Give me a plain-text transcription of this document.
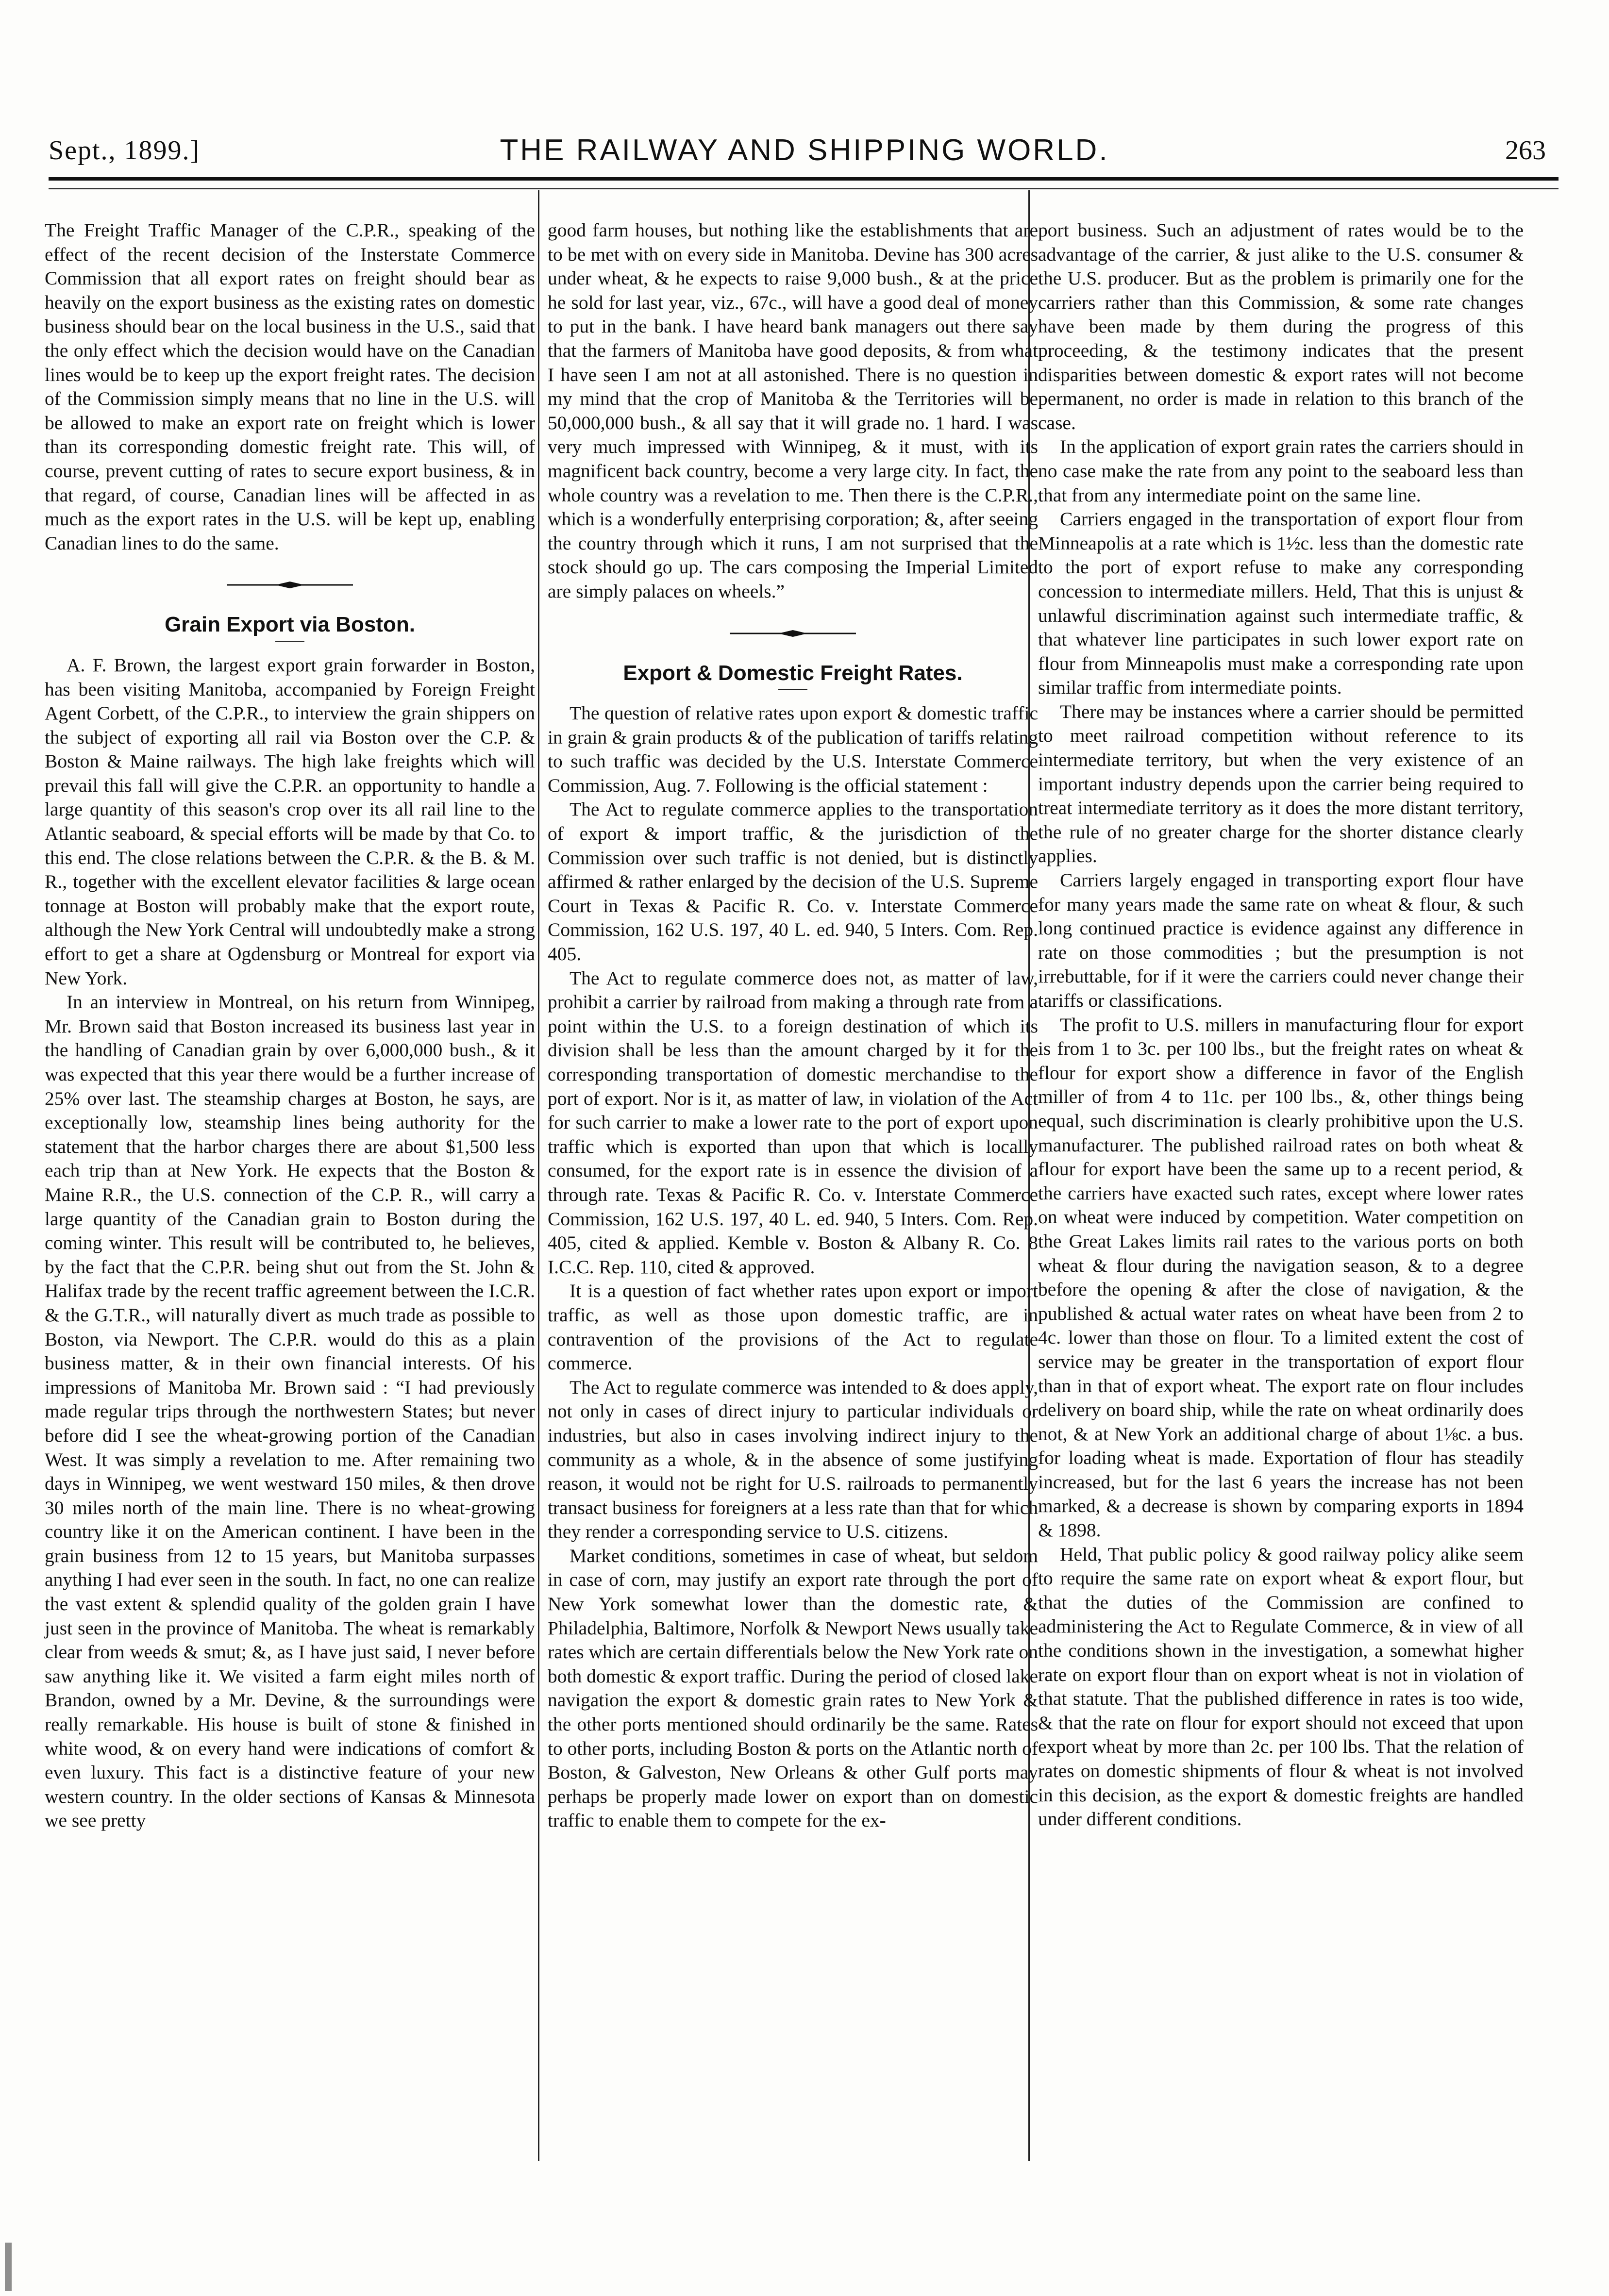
Sept., 1899.]	THE RAILWAY AND SHIPPING WORLD.	263

The Freight Traffic Manager of the C.P.R., speaking of the effect of the recent decision of the Insterstate Commerce Commission that all export rates on freight should bear as heavily on the export business as the existing rates on domestic business should bear on the local business in the U.S., said that the only effect which the decision would have on the Canadian lines would be to keep up the export freight rates. The decision of the Commission simply means that no line in the U.S. will be allowed to make an export rate on freight which is lower than its corresponding domestic freight rate. This will, of course, prevent cutting of rates to secure export business, & in that regard, of course, Canadian lines will be affected in as much as the export rates in the U.S. will be kept up, enabling Canadian lines to do the same.

Grain Export via Boston.

A. F. Brown, the largest export grain forwarder in Boston, has been visiting Manitoba, accompanied by Foreign Freight Agent Corbett, of the C.P.R., to interview the grain shippers on the subject of exporting all rail via Boston over the C.P. & Boston & Maine railways. The high lake freights which will prevail this fall will give the C.P.R. an opportunity to handle a large quantity of this season's crop over its all rail line to the Atlantic seaboard, & special efforts will be made by that Co. to this end. The close relations between the C.P.R. & the B. & M. R., together with the excellent elevator facilities & large ocean tonnage at Boston will probably make that the export route, although the New York Central will undoubtedly make a strong effort to get a share at Ogdensburg or Montreal for export via New York.

In an interview in Montreal, on his return from Winnipeg, Mr. Brown said that Boston increased its business last year in the handling of Canadian grain by over 6,000,000 bush., & it was expected that this year there would be a further increase of 25% over last. The steamship charges at Boston, he says, are exceptionally low, steamship lines being authority for the statement that the harbor charges there are about $1,500 less each trip than at New York. He expects that the Boston & Maine R.R., the U.S. connection of the C.P. R., will carry a large quantity of the Canadian grain to Boston during the coming winter. This result will be contributed to, he believes, by the fact that the C.P.R. being shut out from the St. John & Halifax trade by the recent traffic agreement between the I.C.R. & the G.T.R., will naturally divert as much trade as possible to Boston, via Newport. The C.P.R. would do this as a plain business matter, & in their own financial interests. Of his impressions of Manitoba Mr. Brown said : “I had previously made regular trips through the northwestern States; but never before did I see the wheat-growing portion of the Canadian West. It was simply a revelation to me. After remaining two days in Winnipeg, we went westward 150 miles, & then drove 30 miles north of the main line. There is no wheat-growing country like it on the American continent. I have been in the grain business from 12 to 15 years, but Manitoba surpasses anything I had ever seen in the south. In fact, no one can realize the vast extent & splendid quality of the golden grain I have just seen in the province of Manitoba. The wheat is remarkably clear from weeds & smut; &, as I have just said, I never before saw anything like it. We visited a farm eight miles north of Brandon, owned by a Mr. Devine, & the surroundings were really remarkable. His house is built of stone & finished in white wood, & on every hand were indications of comfort & even luxury. This fact is a distinctive feature of your new western country. In the older sections of Kansas & Minnesota we see pretty

good farm houses, but nothing like the establishments that are to be met with on every side in Manitoba. Devine has 300 acres under wheat, & he expects to raise 9,000 bush., & at the price he sold for last year, viz., 67c., will have a good deal of money to put in the bank. I have heard bank managers out there say that the farmers of Manitoba have good deposits, & from what I have seen I am not at all astonished. There is no question in my mind that the crop of Manitoba & the Territories will be 50,000,000 bush., & all say that it will grade no. 1 hard. I was very much impressed with Winnipeg, & it must, with its magnificent back country, become a very large city. In fact, the whole country was a revelation to me. Then there is the C.P.R., which is a wonderfully enterprising corporation; &, after seeing the country through which it runs, I am not surprised that the stock should go up. The cars composing the Imperial Limited are simply palaces on wheels.”

Export & Domestic Freight Rates.

The question of relative rates upon export & domestic traffic in grain & grain products & of the publication of tariffs relating to such traffic was decided by the U.S. Interstate Commerce Commission, Aug. 7. Following is the official statement :

The Act to regulate commerce applies to the transportation of export & import traffic, & the jurisdiction of the Commission over such traffic is not denied, but is distinctly affirmed & rather enlarged by the decision of the U.S. Supreme Court in Texas & Pacific R. Co. v. Interstate Commerce Commission, 162 U.S. 197, 40 L. ed. 940, 5 Inters. Com. Rep. 405.

The Act to regulate commerce does not, as matter of law, prohibit a carrier by railroad from making a through rate from a point within the U.S. to a foreign destination of which its division shall be less than the amount charged by it for the corresponding transportation of domestic merchandise to the port of export. Nor is it, as matter of law, in violation of the Act for such carrier to make a lower rate to the port of export upon traffic which is exported than upon that which is locally consumed, for the export rate is in essence the division of a through rate. Texas & Pacific R. Co. v. Interstate Commerce Commission, 162 U.S. 197, 40 L. ed. 940, 5 Inters. Com. Rep. 405, cited & applied. Kemble v. Boston & Albany R. Co. 8 I.C.C. Rep. 110, cited & approved.

It is a question of fact whether rates upon export or import traffic, as well as those upon domestic traffic, are in contravention of the provisions of the Act to regulate commerce.

The Act to regulate commerce was intended to & does apply, not only in cases of direct injury to particular individuals or industries, but also in cases involving indirect injury to the community as a whole, & in the absence of some justifying reason, it would not be right for U.S. railroads to permanently transact business for foreigners at a less rate than that for which they render a corresponding service to U.S. citizens.

Market conditions, sometimes in case of wheat, but seldom in case of corn, may justify an export rate through the port of New York somewhat lower than the domestic rate, & Philadelphia, Baltimore, Norfolk & Newport News usually take rates which are certain differentials below the New York rate on both domestic & export traffic. During the period of closed lake navigation the export & domestic grain rates to New York & the other ports mentioned should ordinarily be the same. Rates to other ports, including Boston & ports on the Atlantic north of Boston, & Galveston, New Orleans & other Gulf ports may perhaps be properly made lower on export than on domestic traffic to enable them to compete for the ex-

port business. Such an adjustment of rates would be to the advantage of the carrier, & just alike to the U.S. consumer & the U.S. producer. But as the problem is primarily one for the carriers rather than this Commission, & some rate changes have been made by them during the progress of this proceeding, & the testimony indicates that the present disparities between domestic & export rates will not become permanent, no order is made in relation to this branch of the case.

In the application of export grain rates the carriers should in no case make the rate from any point to the seaboard less than that from any intermediate point on the same line.

Carriers engaged in the transportation of export flour from Minneapolis at a rate which is 1½c. less than the domestic rate to the port of export refuse to make any corresponding concession to intermediate millers. Held, That this is unjust & unlawful discrimination against such intermediate traffic, & that whatever line participates in such lower export rate on flour from Minneapolis must make a corresponding rate upon similar traffic from intermediate points.

There may be instances where a carrier should be permitted to meet railroad competition without reference to its intermediate territory, but when the very existence of an important industry depends upon the carrier being required to treat intermediate territory as it does the more distant territory, the rule of no greater charge for the shorter distance clearly applies.

Carriers largely engaged in transporting export flour have for many years made the same rate on wheat & flour, & such long continued practice is evidence against any difference in rate on those commodities ; but the presumption is not irrebuttable, for if it were the carriers could never change their tariffs or classifications.

The profit to U.S. millers in manufacturing flour for export is from 1 to 3c. per 100 lbs., but the freight rates on wheat & flour for export show a difference in favor of the English miller of from 4 to 11c. per 100 lbs., &, other things being equal, such discrimination is clearly prohibitive upon the U.S. manufacturer. The published railroad rates on both wheat & flour for export have been the same up to a recent period, & the carriers have exacted such rates, except where lower rates on wheat were induced by competition. Water competition on the Great Lakes limits rail rates to the various ports on both wheat & flour during the navigation season, & to a degree before the opening & after the close of navigation, & the published & actual water rates on wheat have been from 2 to 4c. lower than those on flour. To a limited extent the cost of service may be greater in the transportation of export flour than in that of export wheat. The export rate on flour includes delivery on board ship, while the rate on wheat ordinarily does not, & at New York an additional charge of about 1⅛c. a bus. for loading wheat is made. Exportation of flour has steadily increased, but for the last 6 years the increase has not been marked, & a decrease is shown by comparing exports in 1894 & 1898.

Held, That public policy & good railway policy alike seem to require the same rate on export wheat & export flour, but that the duties of the Commission are confined to administering the Act to Regulate Commerce, & in view of all the conditions shown in the investigation, a somewhat higher rate on export flour than on export wheat is not in violation of that statute. That the published difference in rates is too wide, & that the rate on flour for export should not exceed that upon export wheat by more than 2c. per 100 lbs. That the relation of rates on domestic shipments of flour & wheat is not involved in this decision, as the export & domestic freights are handled under different conditions.
